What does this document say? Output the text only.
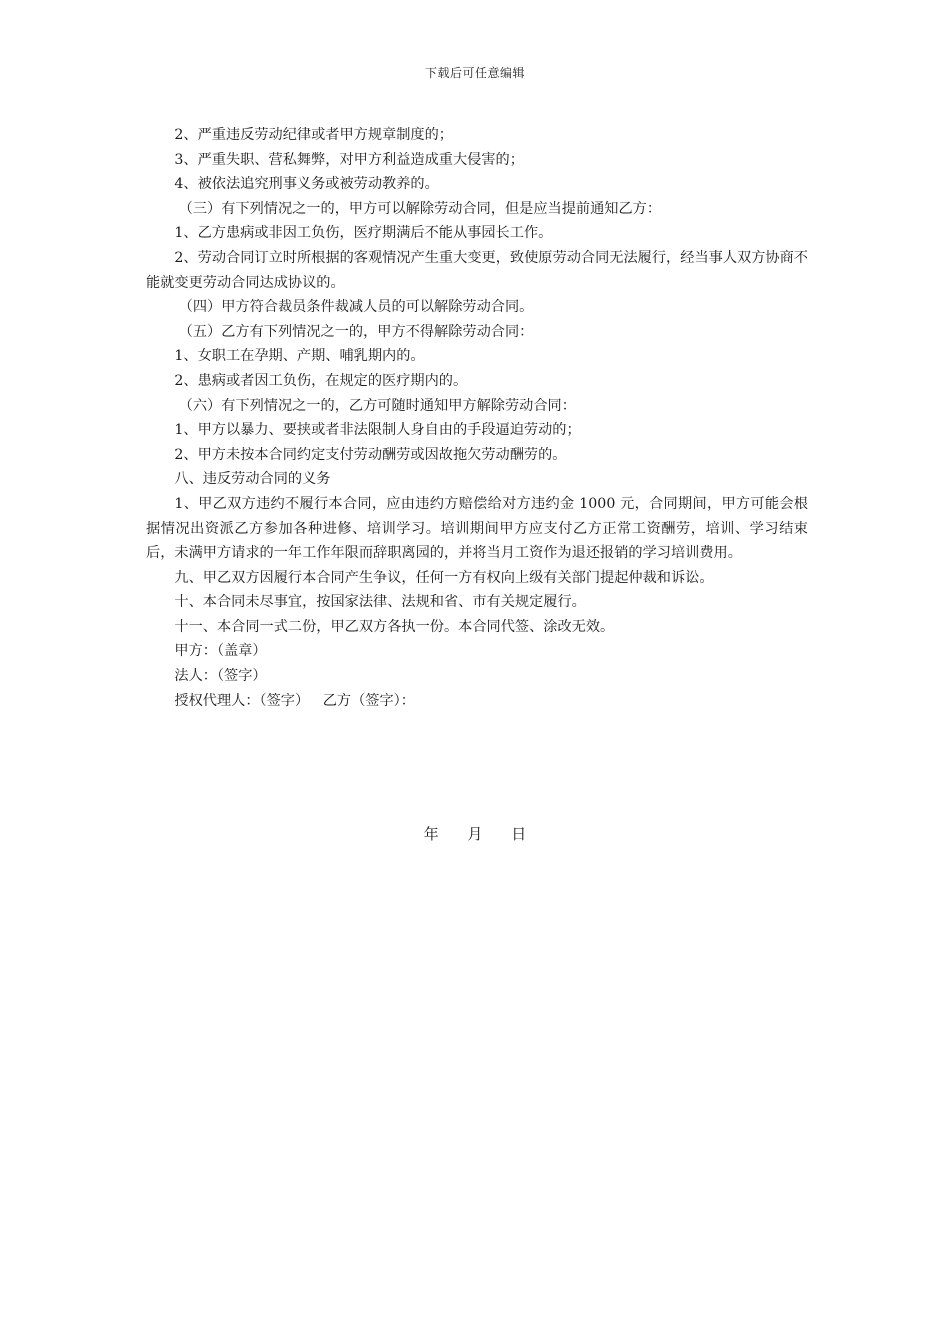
下载后可任意编辑

2、严重违反劳动纪律或者甲方规章制度的；

3、严重失职、营私舞弊，对甲方利益造成重大侵害的；

4、被依法追究刑事义务或被劳动教养的。

（三）有下列情况之一的，甲方可以解除劳动合同，但是应当提前通知乙方：

1、乙方患病或非因工负伤，医疗期满后不能从事园长工作。

2、劳动合同订立时所根据的客观情况产生重大变更，致使原劳动合同无法履行，经当事人双方协商不能就变更劳动合同达成协议的。

（四）甲方符合裁员条件裁减人员的可以解除劳动合同。

（五）乙方有下列情况之一的，甲方不得解除劳动合同：

1、女职工在孕期、产期、哺乳期内的。

2、患病或者因工负伤，在规定的医疗期内的。

（六）有下列情况之一的，乙方可随时通知甲方解除劳动合同：

1、甲方以暴力、要挟或者非法限制人身自由的手段逼迫劳动的；

2、甲方未按本合同约定支付劳动酬劳或因故拖欠劳动酬劳的。

八、违反劳动合同的义务

1、甲乙双方违约不履行本合同，应由违约方赔偿给对方违约金 1000 元，合同期间，甲方可能会根据情况出资派乙方参加各种进修、培训学习。培训期间甲方应支付乙方正常工资酬劳，培训、学习结束后，未满甲方请求的一年工作年限而辞职离园的，并将当月工资作为退还报销的学习培训费用。

九、甲乙双方因履行本合同产生争议，任何一方有权向上级有关部门提起仲裁和诉讼。

十、本合同未尽事宜，按国家法律、法规和省、市有关规定履行。

十一、本合同一式二份，甲乙双方各执一份。本合同代签、涂改无效。

甲方：（盖章）

法人：（签字）

授权代理人：（签字）   乙方（签字）：

年 月 日
